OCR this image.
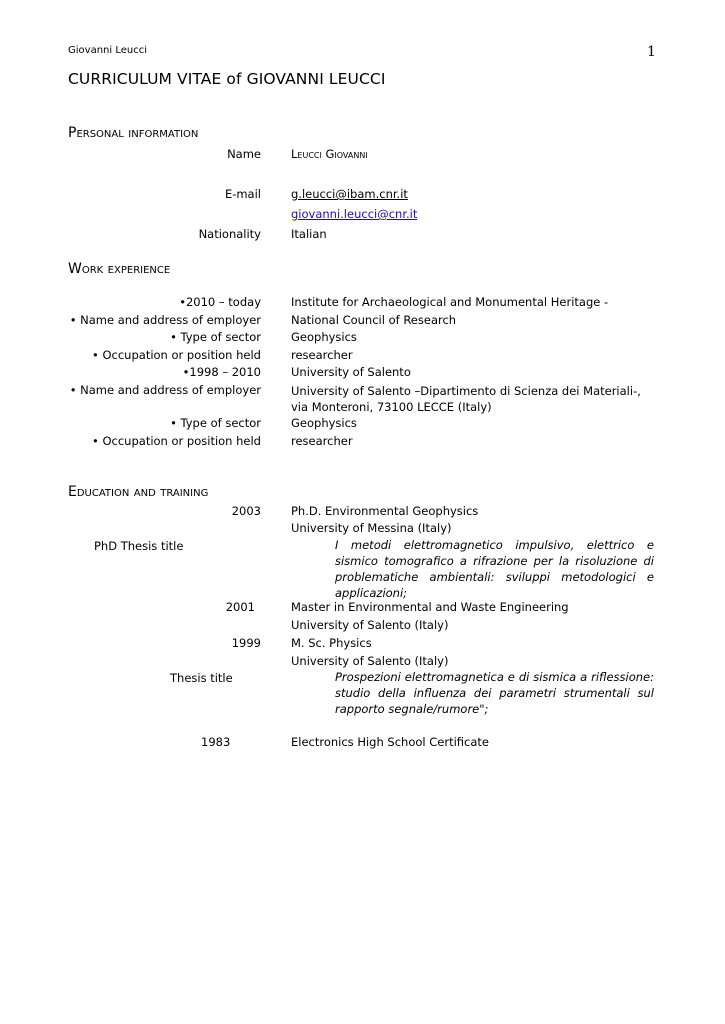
Giovanni Leucci	1
CURRICULUM VITAE of GIOVANNI LEUCCI
Personal information
Name	Leucci Giovanni
E-mail	g.leucci@ibam.cnr.it
giovanni.leucci@cnr.it
Nationality	Italian
Work experience
•2010 – today	Institute for Archaeological and Monumental Heritage -
• Name and address of employer	National Council of Research
• Type of sector	Geophysics
• Occupation or position held	researcher
•1998 – 2010	University of Salento
• Name and address of employer	University of Salento –Dipartimento di Scienza dei Materiali-, via Monteroni, 73100 LECCE (Italy)
• Type of sector	Geophysics
• Occupation or position held	researcher
Education and training
2003	Ph.D. Environmental Geophysics
University of Messina (Italy)
PhD Thesis title	I metodi elettromagnetico impulsivo, elettrico e sismico tomografico a rifrazione per la risoluzione di problematiche ambientali: sviluppi metodologici e applicazioni;
2001	Master in Environmental and Waste Engineering
University of Salento (Italy)
1999	M. Sc. Physics
University of Salento (Italy)
Thesis title	Prospezioni elettromagnetica e di sismica a riflessione: studio della influenza dei parametri strumentali sul rapporto segnale/rumore";
1983	Electronics High School Certificate
